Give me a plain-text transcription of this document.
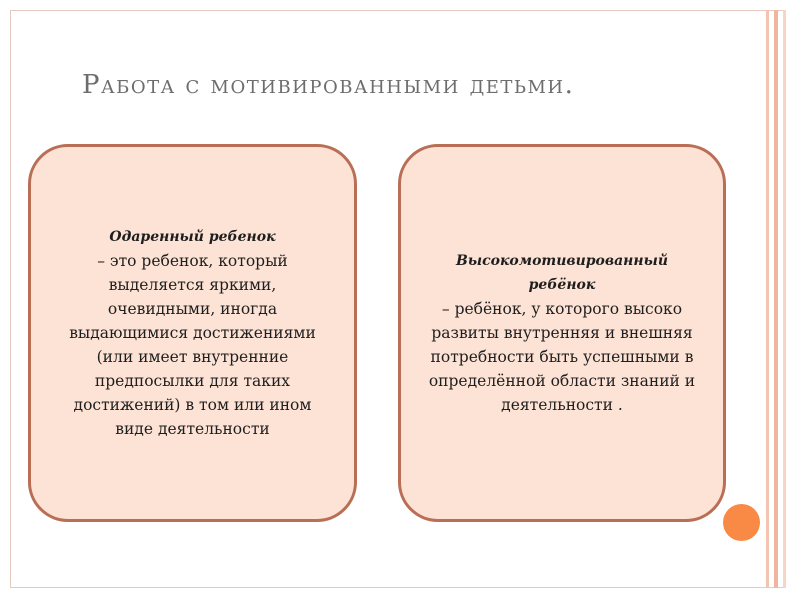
Работа с мотивированными детьми.
Одаренный ребенок
– это ребенок, который
выделяется яркими,
очевидными, иногда
выдающимися достижениями
(или имеет внутренние
предпосылки для таких
достижений) в том или ином
виде деятельности
Высокомотивированный
ребёнок
– ребёнок, у которого высоко
развиты внутренняя и внешняя
потребности быть успешными в
определённой области знаний и
деятельности .
